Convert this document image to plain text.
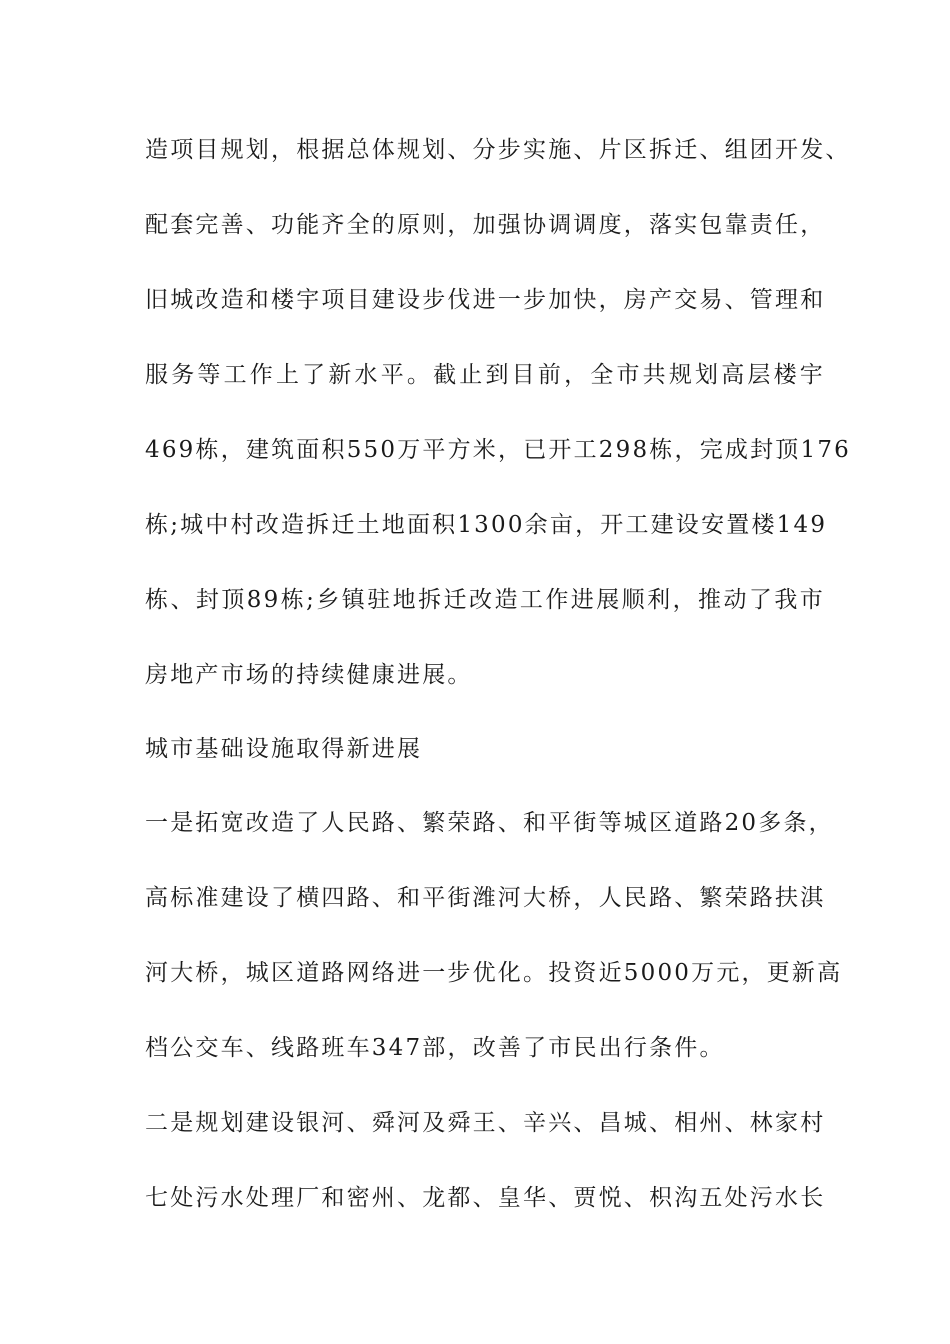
造项目规划，根据总体规划、分步实施、片区拆迁、组团开发、
配套完善、功能齐全的原则，加强协调调度，落实包靠责任，
旧城改造和楼宇项目建设步伐进一步加快，房产交易、管理和
服务等工作上了新水平。截止到目前，全市共规划高层楼宇
469栋，建筑面积550万平方米，已开工298栋，完成封顶176
栋;城中村改造拆迁土地面积1300余亩，开工建设安置楼149
栋、封顶89栋;乡镇驻地拆迁改造工作进展顺利，推动了我市
房地产市场的持续健康进展。
城市基础设施取得新进展
一是拓宽改造了人民路、繁荣路、和平街等城区道路20多条，
高标准建设了横四路、和平街潍河大桥，人民路、繁荣路扶淇
河大桥，城区道路网络进一步优化。投资近5000万元，更新高
档公交车、线路班车347部，改善了市民出行条件。
二是规划建设银河、舜河及舜王、辛兴、昌城、相州、林家村
七处污水处理厂和密州、龙都、皇华、贾悦、枳沟五处污水长
